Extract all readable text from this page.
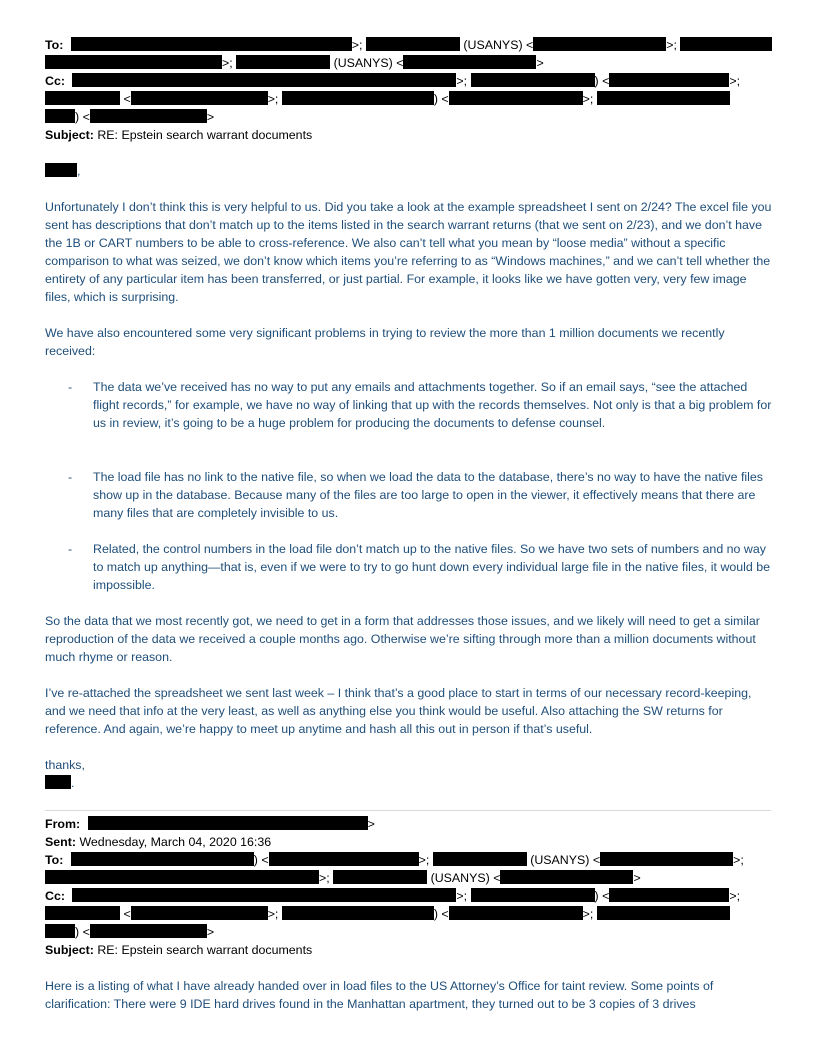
To:	>;	(USANYS) <	>;
>;	(USANYS) <	>
Cc:	>;	) <	>;
<	>;	) <	>;
) <	>
Subject: RE: Epstein search warrant documents
,
Unfortunately I don’t think this is very helpful to us. Did you take a look at the example spreadsheet I sent on 2/24? The excel file you sent has descriptions that don’t match up to the items listed in the search warrant returns (that we sent on 2/23), and we don’t have the 1B or CART numbers to be able to cross-reference. We also can’t tell what you mean by “loose media” without a specific comparison to what was seized, we don’t know which items you’re referring to as “Windows machines,” and we can’t tell whether the entirety of any particular item has been transferred, or just partial. For example, it looks like we have gotten very, very few image files, which is surprising.
We have also encountered some very significant problems in trying to review the more than 1 million documents we recently received:
- The data we’ve received has no way to put any emails and attachments together. So if an email says, “see the attached flight records,” for example, we have no way of linking that up with the records themselves. Not only is that a big problem for us in review, it’s going to be a huge problem for producing the documents to defense counsel.
- The load file has no link to the native file, so when we load the data to the database, there’s no way to have the native files show up in the database. Because many of the files are too large to open in the viewer, it effectively means that there are many files that are completely invisible to us.
- Related, the control numbers in the load file don’t match up to the native files. So we have two sets of numbers and no way to match up anything—that is, even if we were to try to go hunt down every individual large file in the native files, it would be impossible.
So the data that we most recently got, we need to get in a form that addresses those issues, and we likely will need to get a similar reproduction of the data we received a couple months ago. Otherwise we’re sifting through more than a million documents without much rhyme or reason.
I’ve re-attached the spreadsheet we sent last week – I think that’s a good place to start in terms of our necessary record-keeping, and we need that info at the very least, as well as anything else you think would be useful. Also attaching the SW returns for reference. And again, we’re happy to meet up anytime and hash all this out in person if that’s useful.
thanks,
.
From:	>
Sent: Wednesday, March 04, 2020 16:36
To:	) <	>;	(USANYS) <	>;
>;	(USANYS) <	>
Cc:	>;	) <	>;
<	>;	) <	>;
) <	>
Subject: RE: Epstein search warrant documents
Here is a listing of what I have already handed over in load files to the US Attorney’s Office for taint review. Some points of clarification: There were 9 IDE hard drives found in the Manhattan apartment, they turned out to be 3 copies of 3 drives
